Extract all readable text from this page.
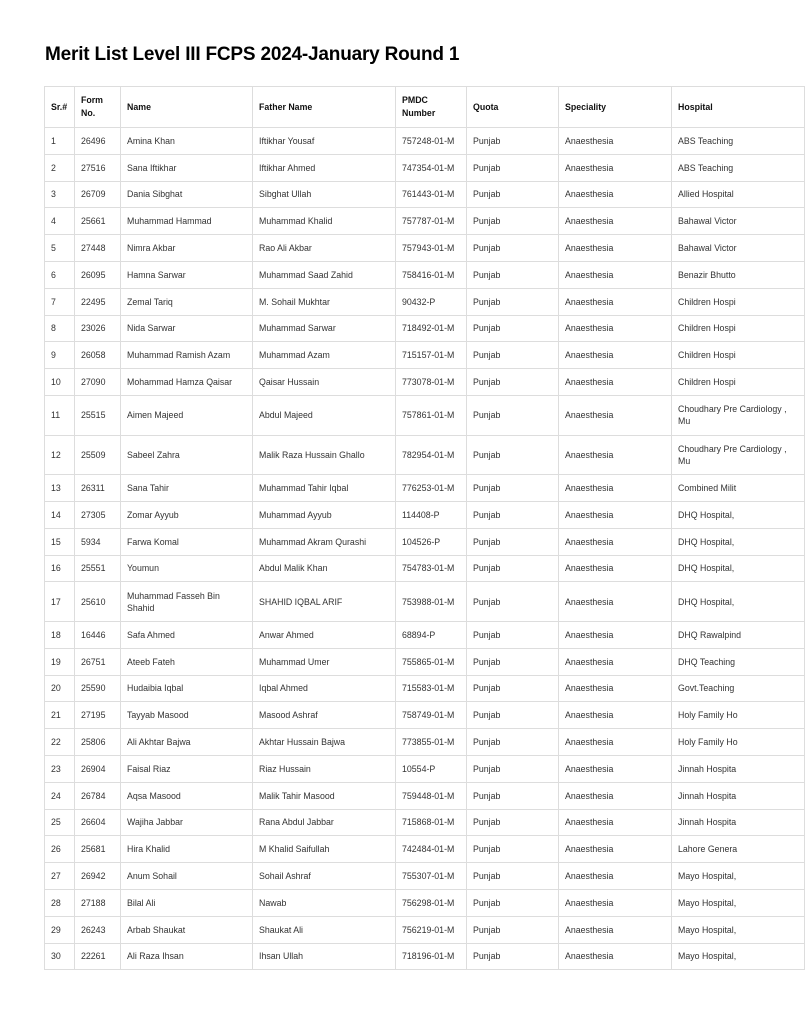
Merit List Level III FCPS 2024-January Round 1
Sr.#	Form No.	Name	Father Name	PMDC Number	Quota	Speciality	Hospital
1	26496	Amina Khan	Iftikhar Yousaf	757248-01-M	Punjab	Anaesthesia	ABS Teaching
2	27516	Sana Iftikhar	Iftikhar Ahmed	747354-01-M	Punjab	Anaesthesia	ABS Teaching
3	26709	Dania Sibghat	Sibghat Ullah	761443-01-M	Punjab	Anaesthesia	Allied Hospital
4	25661	Muhammad Hammad	Muhammad Khalid	757787-01-M	Punjab	Anaesthesia	Bahawal Victor
5	27448	Nimra Akbar	Rao Ali Akbar	757943-01-M	Punjab	Anaesthesia	Bahawal Victor
6	26095	Hamna Sarwar	Muhammad Saad Zahid	758416-01-M	Punjab	Anaesthesia	Benazir Bhutto
7	22495	Zemal Tariq	M. Sohail Mukhtar	90432-P	Punjab	Anaesthesia	Children Hospi
8	23026	Nida Sarwar	Muhammad Sarwar	718492-01-M	Punjab	Anaesthesia	Children Hospi
9	26058	Muhammad Ramish Azam	Muhammad Azam	715157-01-M	Punjab	Anaesthesia	Children Hospi
10	27090	Mohammad Hamza Qaisar	Qaisar Hussain	773078-01-M	Punjab	Anaesthesia	Children Hospi
11	25515	Aimen Majeed	Abdul Majeed	757861-01-M	Punjab	Anaesthesia	Choudhary Pre Cardiology , Mu
12	25509	Sabeel Zahra	Malik Raza Hussain Ghallo	782954-01-M	Punjab	Anaesthesia	Choudhary Pre Cardiology , Mu
13	26311	Sana Tahir	Muhammad Tahir Iqbal	776253-01-M	Punjab	Anaesthesia	Combined Milit
14	27305	Zomar Ayyub	Muhammad Ayyub	114408-P	Punjab	Anaesthesia	DHQ Hospital,
15	5934	Farwa Komal	Muhammad Akram Qurashi	104526-P	Punjab	Anaesthesia	DHQ Hospital,
16	25551	Youmun	Abdul Malik Khan	754783-01-M	Punjab	Anaesthesia	DHQ Hospital,
17	25610	Muhammad Fasseh Bin Shahid	SHAHID IQBAL ARIF	753988-01-M	Punjab	Anaesthesia	DHQ Hospital,
18	16446	Safa Ahmed	Anwar Ahmed	68894-P	Punjab	Anaesthesia	DHQ Rawalpind
19	26751	Ateeb Fateh	Muhammad Umer	755865-01-M	Punjab	Anaesthesia	DHQ Teaching
20	25590	Hudaibia Iqbal	Iqbal Ahmed	715583-01-M	Punjab	Anaesthesia	Govt.Teaching
21	27195	Tayyab Masood	Masood Ashraf	758749-01-M	Punjab	Anaesthesia	Holy Family Ho
22	25806	Ali Akhtar Bajwa	Akhtar Hussain Bajwa	773855-01-M	Punjab	Anaesthesia	Holy Family Ho
23	26904	Faisal Riaz	Riaz Hussain	10554-P	Punjab	Anaesthesia	Jinnah Hospita
24	26784	Aqsa Masood	Malik Tahir Masood	759448-01-M	Punjab	Anaesthesia	Jinnah Hospita
25	26604	Wajiha Jabbar	Rana Abdul Jabbar	715868-01-M	Punjab	Anaesthesia	Jinnah Hospita
26	25681	Hira Khalid	M Khalid Saifullah	742484-01-M	Punjab	Anaesthesia	Lahore Genera
27	26942	Anum Sohail	Sohail Ashraf	755307-01-M	Punjab	Anaesthesia	Mayo Hospital,
28	27188	Bilal Ali	Nawab	756298-01-M	Punjab	Anaesthesia	Mayo Hospital,
29	26243	Arbab Shaukat	Shaukat Ali	756219-01-M	Punjab	Anaesthesia	Mayo Hospital,
30	22261	Ali Raza Ihsan	Ihsan Ullah	718196-01-M	Punjab	Anaesthesia	Mayo Hospital,
